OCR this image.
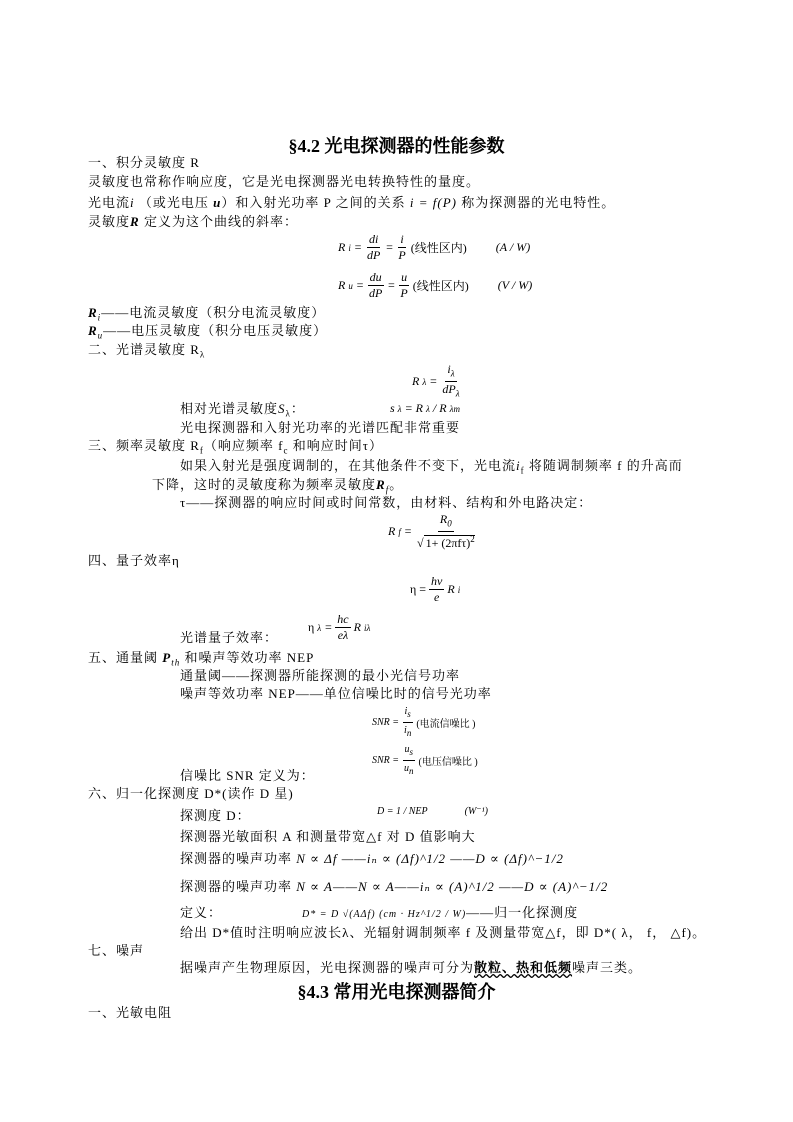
§4.2 光电探测器的性能参数
一、积分灵敏度 R
灵敏度也常称作响应度，它是光电探测器光电转换特性的量度。
光电流i （或光电压 u）和入射光功率 P 之间的关系 i = f(P) 称为探测器的光电特性。
灵敏度R 定义为这个曲线的斜率：
R $i = \frac{di}{dP} = \frac{i}{P}$ (线性区内) (A / W)
R $u = \frac{du}{dP} = \frac{u}{P}$ (线性区内) (V / W)
$R_i——$电流灵敏度（积分电流灵敏度）
$R_u——$电压灵敏度（积分电压灵敏度）
二、光谱灵敏度 $R_\lambda$
R $\lambda = \frac{i_\lambda}{dP_\lambda}$
相对光谱灵敏度$S_\lambda$：	s λ = R λ / R λm
光电探测器和入射光功率的光谱匹配非常重要
三、频率灵敏度 $R_f$（响应频率 $f_c$ 和响应时间τ）
如果入射光是强度调制的，在其他条件不变下，光电流$i_f$ 将随调制频率 f 的升高而
下降，这时的灵敏度称为频率灵敏度$R_f$。
τ——探测器的响应时间或时间常数，由材料、结构和外电路决定：
R $f = \frac{R_0}{√ 1+ (2\pi f\tau)^2}$
四、量子效率η
$\eta = \frac{h\nu}{e}$ R i
光谱量子效率：
η $\lambda = \frac{hc}{e\lambda}$ R iλ
五、通量阈 $P_{th}$ 和噪声等效功率 NEP
通量阈——探测器所能探测的最小光信号功率
噪声等效功率 NEP——单位信噪比时的信号光功率
SNR = $\frac{i_s}{i_n}$ (电流信噪比 )
SNR = $\frac{u_s}{u_n}$ (电压信噪比 )
信噪比 SNR 定义为：
六、归一化探测度 D*(读作 D 星)
探测度 D：	D = 1 / NEP	(W⁻¹)
探测器光敏面积 A 和测量带宽△f 对 D 值影响大
探测器的噪声功率 N ∝ Δf ——iₙ ∝ (Δf)^1/2 ——D ∝ (Δf)^−1/2
探测器的噪声功率 N ∝ A——N ∝ A——iₙ ∝ (A)^1/2 ——D ∝ (A)^−1/2
定义：	D* = D √(AΔf) (cm · Hz^1/2 / W)——归一化探测度
给出 D*值时注明响应波长λ、光辐射调制频率 f 及测量带宽△f，即 D*( λ， f， △f)。
七、噪声
据噪声产生物理原因，光电探测器的噪声可分为散粒、热和低频噪声三类。
§4.3 常用光电探测器简介
一、光敏电阻
